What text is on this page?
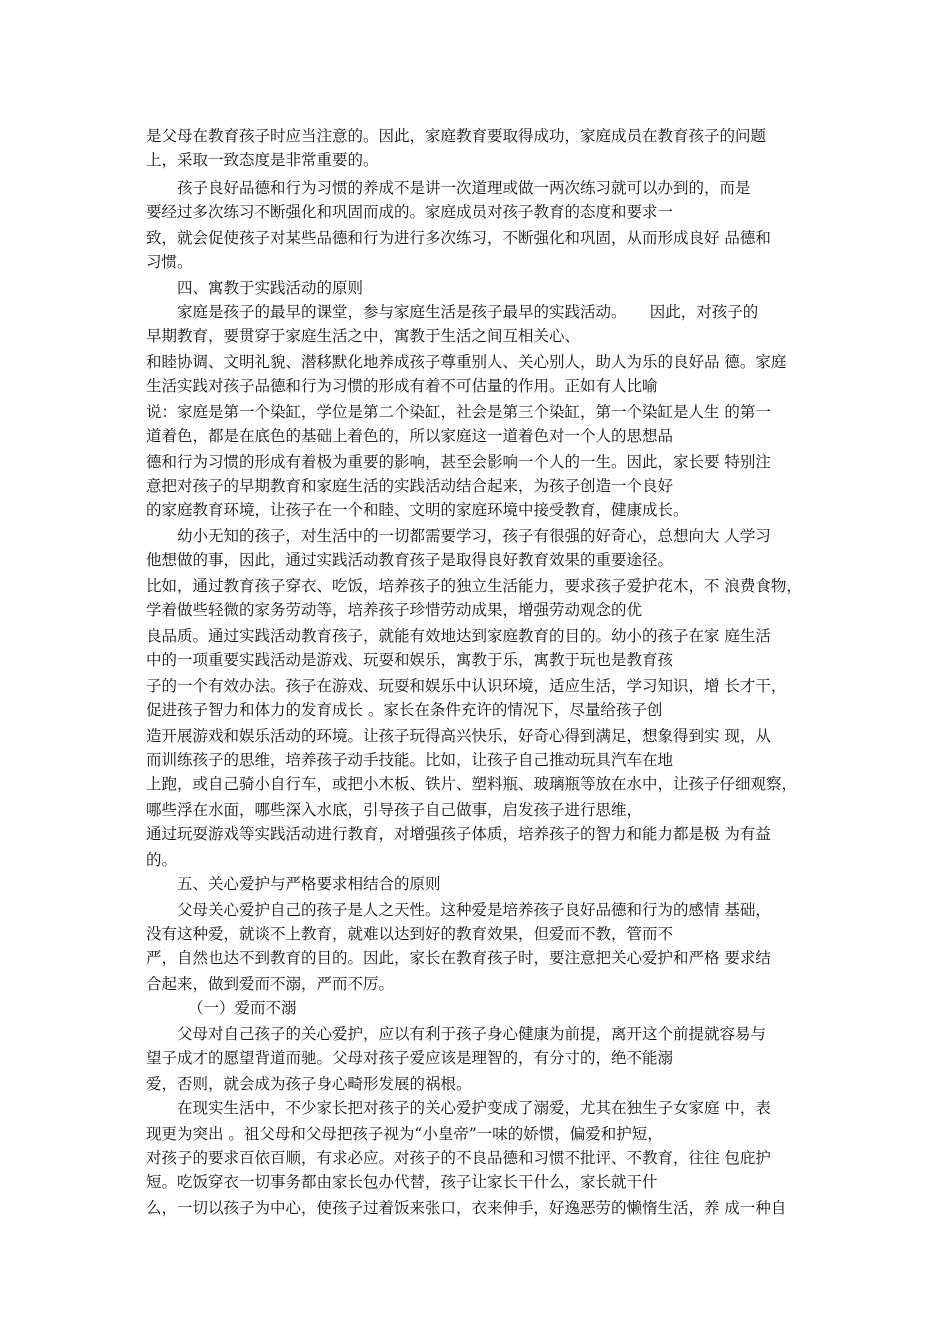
是父母在教育孩子时应当注意的。因此，家庭教育要取得成功，家庭成员在教育孩子的问题
上，采取一致态度是非常重要的。
孩子良好品德和行为习惯的养成不是讲一次道理或做一两次练习就可以办到的，而是
要经过多次练习不断强化和巩固而成的。家庭成员对孩子教育的态度和要求一
致，就会促使孩子对某些品德和行为进行多次练习，不断强化和巩固，从而形成良好 品德和
习惯。
四、寓教于实践活动的原则
家庭是孩子的最早的课堂，参与家庭生活是孩子最早的实践活动。　　因此，对孩子的
早期教育，要贯穿于家庭生活之中，寓教于生活之间互相关心、
和睦协调、文明礼貌、潜移默化地养成孩子尊重别人、关心别人，助人为乐的良好品 德。家庭
生活实践对孩子品德和行为习惯的形成有着不可估量的作用。正如有人比喻
说：家庭是第一个染缸，学位是第二个染缸，社会是第三个染缸，第一个染缸是人生 的第一
道着色，都是在底色的基础上着色的，所以家庭这一道着色对一个人的思想品
德和行为习惯的形成有着极为重要的影响，甚至会影响一个人的一生。因此，家长要 特别注
意把对孩子的早期教育和家庭生活的实践活动结合起来，为孩子创造一个良好
的家庭教育环境，让孩子在一个和睦、文明的家庭环境中接受教育，健康成长。
幼小无知的孩子，对生活中的一切都需要学习，孩子有很强的好奇心，总想向大 人学习
他想做的事，因此，通过实践活动教育孩子是取得良好教育效果的重要途径。
比如，通过教育孩子穿衣、吃饭，培养孩子的独立生活能力，要求孩子爱护花木，不 浪费食物，
学着做些轻微的家务劳动等，培养孩子珍惜劳动成果，增强劳动观念的优
良品质。通过实践活动教育孩子，就能有效地达到家庭教育的目的。幼小的孩子在家 庭生活
中的一项重要实践活动是游戏、玩耍和娱乐，寓教于乐，寓教于玩也是教育孩
子的一个有效办法。孩子在游戏、玩耍和娱乐中认识环境，适应生活，学习知识，增 长才干，
促进孩子智力和体力的发育成长 。家长在条件充许的情况下，尽量给孩子创
造开展游戏和娱乐活动的环境。让孩子玩得高兴快乐，好奇心得到满足，想象得到实 现，从
而训练孩子的思维，培养孩子动手技能。比如，让孩子自己推动玩具汽车在地
上跑，或自己骑小自行车，或把小木板、铁片、塑料瓶、玻璃瓶等放在水中，让孩子仔细观察，
哪些浮在水面，哪些深入水底，引导孩子自己做事，启发孩子进行思维，
通过玩耍游戏等实践活动进行教育，对增强孩子体质，培养孩子的智力和能力都是极 为有益
的。
五、关心爱护与严格要求相结合的原则
父母关心爱护自己的孩子是人之天性。这种爱是培养孩子良好品德和行为的感情 基础，
没有这种爱，就谈不上教育，就难以达到好的教育效果，但爱而不教，管而不
严，自然也达不到教育的目的。因此，家长在教育孩子时，要注意把关心爱护和严格 要求结
合起来，做到爱而不溺，严而不厉。
（一）爱而不溺
父母对自己孩子的关心爱护，应以有利于孩子身心健康为前提，离开这个前提就容易与
望子成才的愿望背道而驰。父母对孩子爱应该是理智的，有分寸的，绝不能溺
爱，否则，就会成为孩子身心畸形发展的祸根。
在现实生活中，不少家长把对孩子的关心爱护变成了溺爱，尤其在独生子女家庭 中，表
现更为突出 。祖父母和父母把孩子视为“小皇帝”一味的娇惯，偏爱和护短，
对孩子的要求百依百顺，有求必应。对孩子的不良品德和习惯不批评、不教育，往往 包庇护
短。吃饭穿衣一切事务都由家长包办代替，孩子让家长干什么，家长就干什
么，一切以孩子为中心，使孩子过着饭来张口，衣来伸手，好逸恶劳的懒惰生活，养 成一种自
